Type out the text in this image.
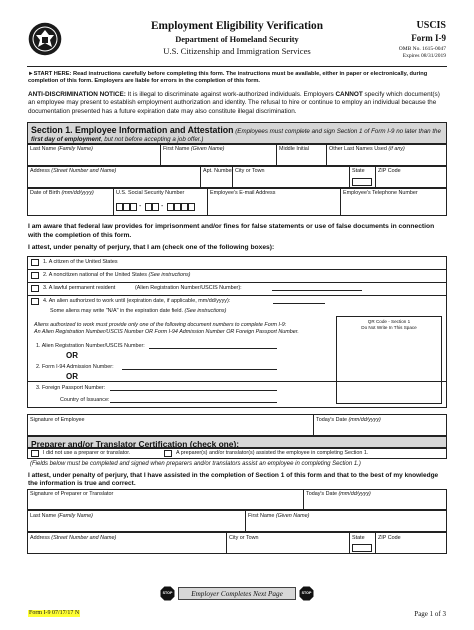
Employment Eligibility Verification
Department of Homeland Security
U.S. Citizenship and Immigration Services
USCIS
Form I-9
OMB No. 1615-0047
Expires 08/31/2019
►START HERE: Read instructions carefully before completing this form. The instructions must be available, either in paper or electronically, during completion of this form. Employers are liable for errors in the completion of this form.
ANTI-DISCRIMINATION NOTICE: It is illegal to discriminate against work-authorized individuals. Employers CANNOT specify which document(s) an employee may present to establish employment authorization and identity. The refusal to hire or continue to employ an individual because the documentation presented has a future expiration date may also constitute illegal discrimination.
Section 1. Employee Information and Attestation (Employees must complete and sign Section 1 of Form I-9 no later than the first day of employment, but not before accepting a job offer.)
Last Name (Family Name)	First Name (Given Name)	Middle Initial	Other Last Names Used (if any)
Address (Street Number and Name)	Apt. Number City or Town	State ZIP Code
Date of Birth (mm/dd/yyyy)	U.S. Social Security Number
-	-
Employee's E-mail Address	Employee's Telephone Number
I am aware that federal law provides for imprisonment and/or fines for false statements or use of false documents in connection with the completion of this form.
I attest, under penalty of perjury, that I am (check one of the following boxes):
1. A citizen of the United States
2. A noncitizen national of the United States (See instructions)
3. A lawful permanent resident	(Alien Registration Number/USCIS Number):
4. An alien authorized to work until (expiration date, if applicable, mm/dd/yyyy):
Some aliens may write "N/A" in the expiration date field. (See instructions)
Aliens authorized to work must provide only one of the following document numbers to complete Form I-9:
An Alien Registration Number/USCIS Number OR Form I-94 Admission Number OR Foreign Passport Number.
1. Alien Registration Number/USCIS Number:
OR
2. Form I-94 Admission Number:
OR
3. Foreign Passport Number:
Country of Issuance:
QR Code - Section 1
Do Not Write In This Space
Signature of Employee	Today's Date (mm/dd/yyyy)
Preparer and/or Translator Certification (check one):
I did not use a preparer or translator.	A preparer(s) and/or translator(s) assisted the employee in completing Section 1.
(Fields below must be completed and signed when preparers and/or translators assist an employee in completing Section 1.)
I attest, under penalty of perjury, that I have assisted in the completion of Section 1 of this form and that to the best of my knowledge the information is true and correct.
Signature of Preparer or Translator	Today's Date (mm/dd/yyyy)
Last Name (Family Name)	First Name (Given Name)
Address (Street Number and Name)	City or Town	State ZIP Code
STOP	Employer Completes Next Page	STOP
Form I-9 07/17/17 N	Page 1 of 3
